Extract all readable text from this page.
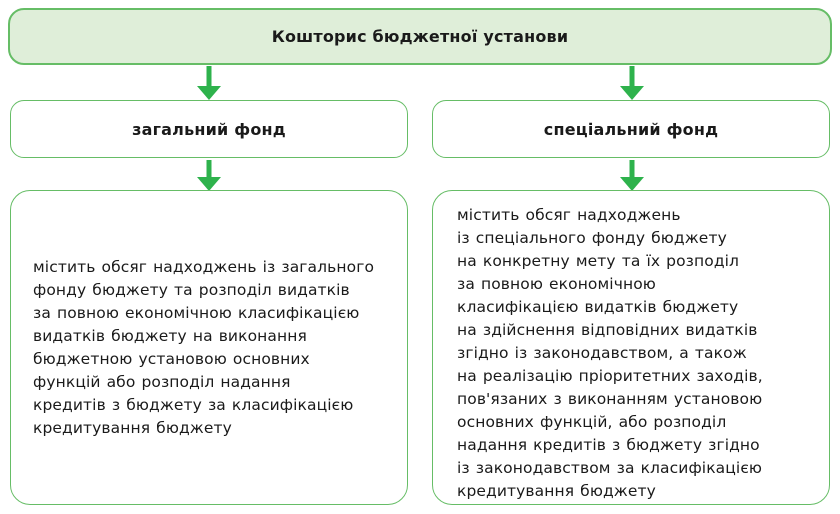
Кошторис бюджетної установи
загальний фонд	спеціальний фонд
містить обсяг надходжень із загального
фонду бюджету та розподіл видатків
за повною економічною класифікацією
видатків бюджету на виконання
бюджетною установою основних
функцій або розподіл надання
кредитів з бюджету за класифікацією
кредитування бюджету
містить обсяг надходжень
із спеціального фонду бюджету
на конкретну мету та їх розподіл
за повною економічною
класифікацією видатків бюджету
на здійснення відповідних видатків
згідно із законодавством, а також
на реалізацію пріоритетних заходів,
пов'язаних з виконанням установою
основних функцій, або розподіл
надання кредитів з бюджету згідно
із законодавством за класифікацією
кредитування бюджету
